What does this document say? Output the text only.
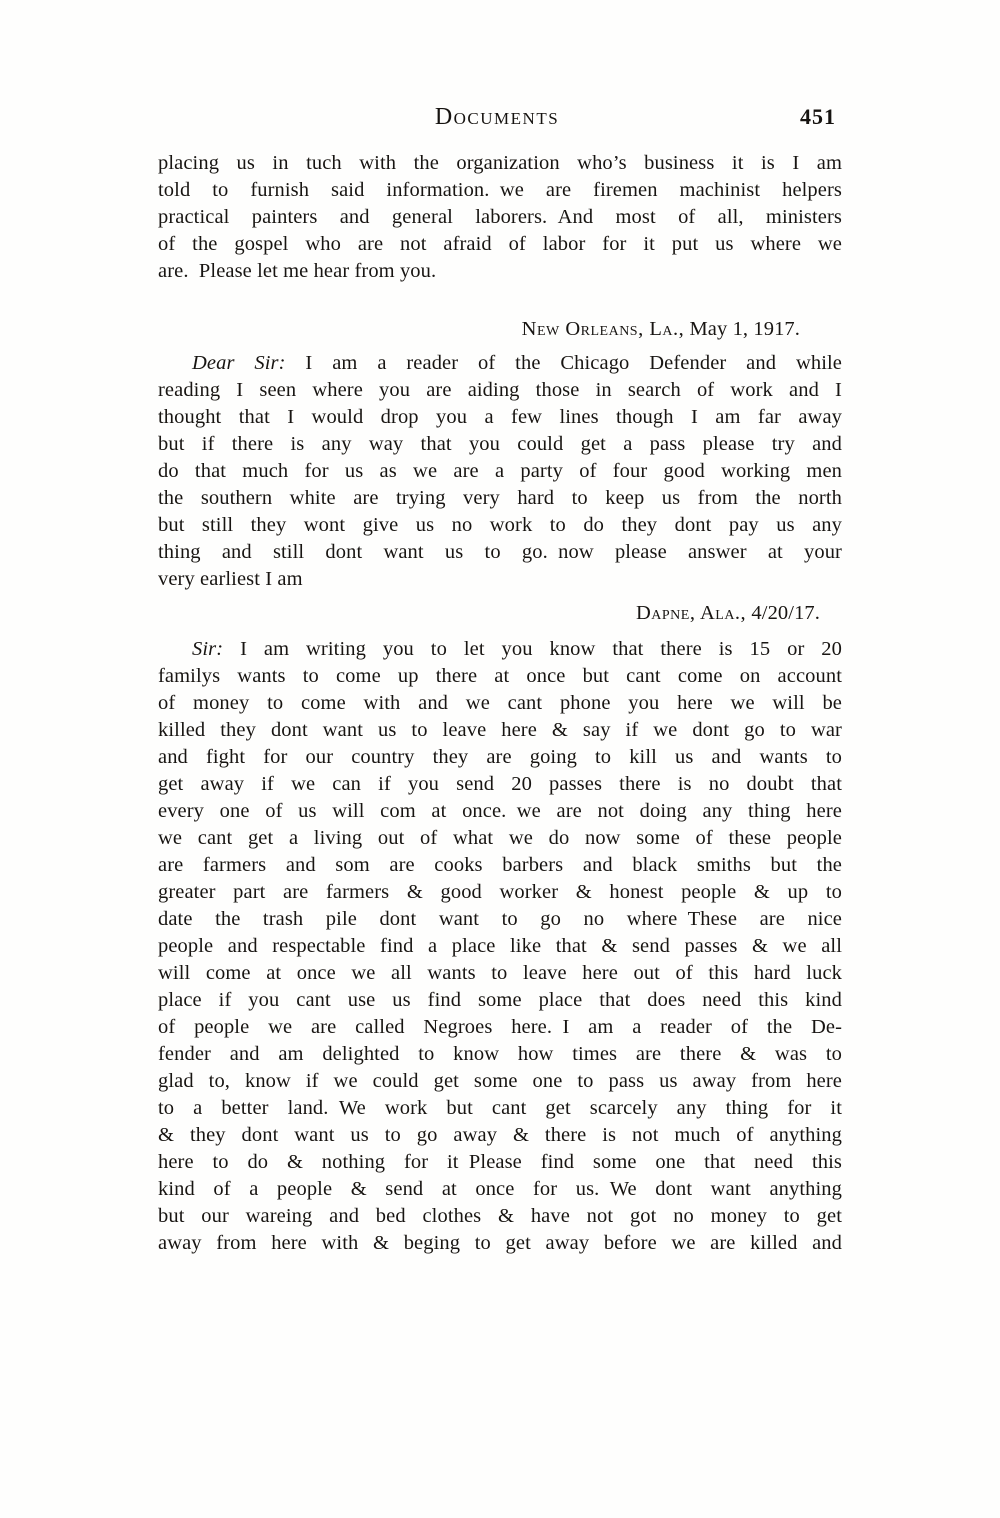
Documents	451
placing us in tuch with the organization who’s business it is I am
told to furnish said information. we are firemen machinist helpers
practical painters and general laborers. And most of all, ministers
of the gospel who are not afraid of labor for it put us where we
are. Please let me hear from you.
New Orleans, La., May 1, 1917.
Dear Sir: I am a reader of the Chicago Defender and while
reading I seen where you are aiding those in search of work and I
thought that I would drop you a few lines though I am far away
but if there is any way that you could get a pass please try and
do that much for us as we are a party of four good working men
the southern white are trying very hard to keep us from the north
but still they wont give us no work to do they dont pay us any
thing and still dont want us to go. now please answer at your
very earliest I am
Dapne, Ala., 4/20/17.
Sir: I am writing you to let you know that there is 15 or 20
familys wants to come up there at once but cant come on account
of money to come with and we cant phone you here we will be
killed they dont want us to leave here & say if we dont go to war
and fight for our country they are going to kill us and wants to
get away if we can if you send 20 passes there is no doubt that
every one of us will com at once. we are not doing any thing here
we cant get a living out of what we do now some of these people
are farmers and som are cooks barbers and black smiths but the
greater part are farmers & good worker & honest people & up to
date the trash pile dont want to go no where These are nice
people and respectable find a place like that & send passes & we all
will come at once we all wants to leave here out of this hard luck
place if you cant use us find some place that does need this kind
of people we are called Negroes here. I am a reader of the De-
fender and am delighted to know how times are there & was to
glad to, know if we could get some one to pass us away from here
to a better land. We work but cant get scarcely any thing for it
& they dont want us to go away & there is not much of anything
here to do & nothing for it Please find some one that need this
kind of a people & send at once for us. We dont want anything
but our wareing and bed clothes & have not got no money to get
away from here with & beging to get away before we are killed and
